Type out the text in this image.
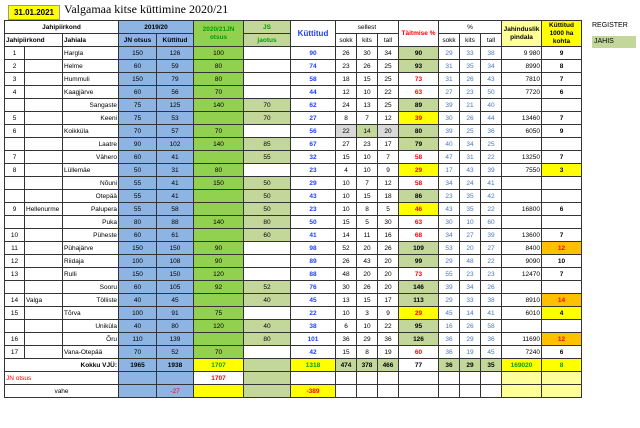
31.01.2021 Valgamaa kitse küttimine 2020/21
REGISTER
JAHIS
Jahipiirkond			2019/20		2020/21JN otsus	JS	Küttitud	sellest			Täitmise %	%			Jahinduslik pindala	Küttitud 1000 ha kohta
Jahipiirkond		Jahiala	JN otsus	Küttitud		jaotus		sokk	kits	tall		sokk	kits	tall		
1		Hargla	150	126	100		90	26	30	34	90	29	33	38	9 980	9
2		Helme	60	59	80		74	23	26	25	93	31	35	34	8990	8
3		Hummuli	150	79	80		58	18	15	25	73	31	26	43	7810	7
4		Kaagjärve	60	56	70		44	12	10	22	63	27	23	50	7720	6
		Sangaste	75	125	140	70	62	24	13	25	89	39	21	40		
5		Keeni	75	53		70	27	8	7	12	39	30	26	44	13460	7
6		Koikküla	70	57	70		56	22	14	20	80	39	25	36	6050	9
		Laatre	90	102	140	85	67	27	23	17	79	40	34	25		
7		Vähero	60	41		55	32	15	10	7	58	47	31	22	13250	7
8		Lüllemäe	50	31	80		23	4	10	9	29	17	43	39	7550	3
		Nõuni	55	41	150	50	29	10	7	12	58	34	24	41		
		Otepää	55	41		50	43	10	15	18	86	23	35	42		
9	Hellenurme	Palupera	55	58		50	23	10	8	5	46	43	35	22	16800	6
		Puka	80	88	140	80	50	15	5	30	63	30	10	60		
10		Püheste	60	61		60	41	14	11	16	68	34	27	39	13600	7
11		Pühajärve	150	150	90		98	52	20	26	109	53	20	27	8400	12
12		Riidaja	100	108	90		89	26	43	20	99	29	48	22	9090	10
13		Rulli	150	150	120		88	48	20	20	73	55	23	23	12470	7
		Sooru	60	105	92	52	76	30	26	20	146	39	34	26		
14	Valga	Tölliste	40	45		40	45	13	15	17	113	29	33	38	8910	14
15		Tõrva	100	91	75		22	10	3	9	29	45	14	41	6010	4
		Uniküla	40	80	120	40	38	6	10	22	95	16	26	58		
16		Õru	110	139		80	101	36	29	36	126	36	29	36	11690	12
17		Vana-Otepää	70	52	70		42	15	8	19	60	36	19	45	7240	6
Kokku VJÜ:			1965	1938	1707		1318	474	378	466	77	36	29	35	169020	8
JN otsus					1707											
vahe				-27			-389									
